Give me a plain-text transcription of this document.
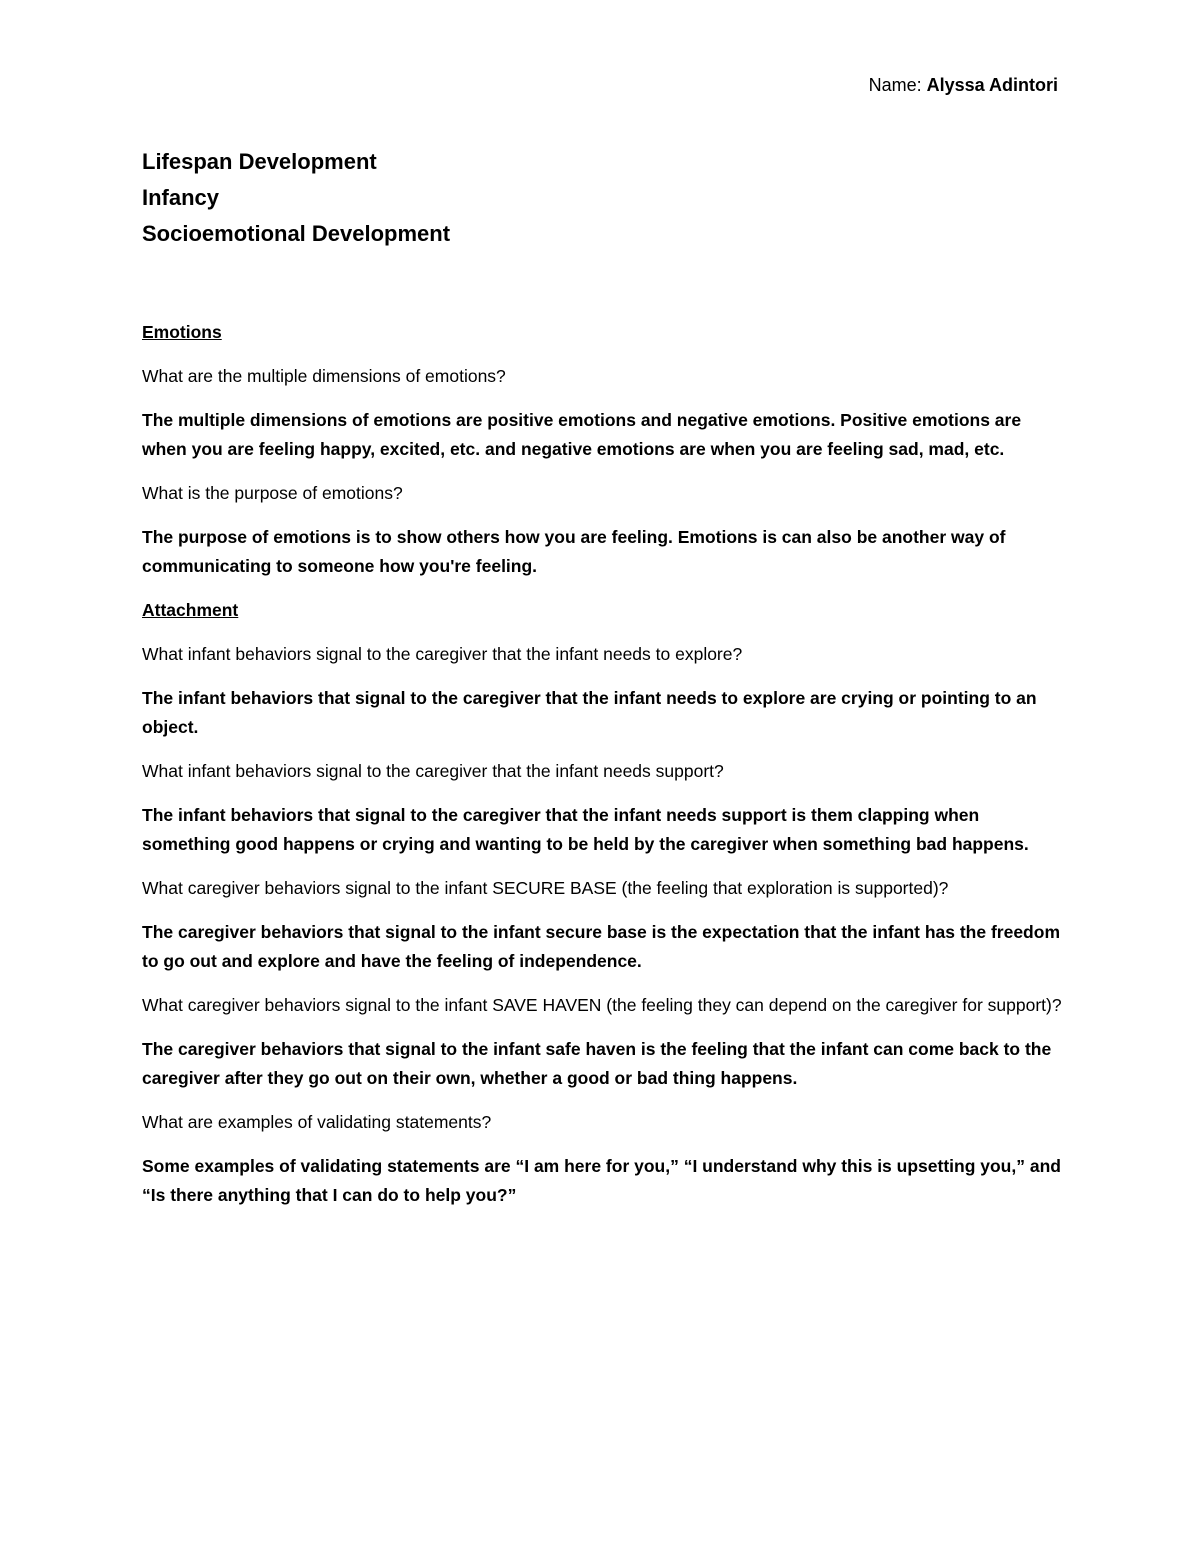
Name: Alyssa Adintori
Lifespan Development
Infancy
Socioemotional Development
Emotions
What are the multiple dimensions of emotions?
The multiple dimensions of emotions are positive emotions and negative emotions. Positive emotions are when you are feeling happy, excited, etc. and negative emotions are when you are feeling sad, mad, etc.
What is the purpose of emotions?
The purpose of emotions is to show others how you are feeling. Emotions is can also be another way of communicating to someone how you're feeling.
Attachment
What infant behaviors signal to the caregiver that the infant needs to explore?
The infant behaviors that signal to the caregiver that the infant needs to explore are crying or pointing to an object.
What infant behaviors signal to the caregiver that the infant needs support?
The infant behaviors that signal to the caregiver that the infant needs support is them clapping when something good happens or crying and wanting to be held by the caregiver when something bad happens.
What caregiver behaviors signal to the infant SECURE BASE (the feeling that exploration is supported)?
The caregiver behaviors that signal to the infant secure base is the expectation that the infant has the freedom to go out and explore and have the feeling of independence.
What caregiver behaviors signal to the infant SAVE HAVEN (the feeling they can depend on the caregiver for support)?
The caregiver behaviors that signal to the infant safe haven is the feeling that the infant can come back to the caregiver after they go out on their own, whether a good or bad thing happens.
What are examples of validating statements?
Some examples of validating statements are “I am here for you,” “I understand why this is upsetting you,” and “Is there anything that I can do to help you?”
